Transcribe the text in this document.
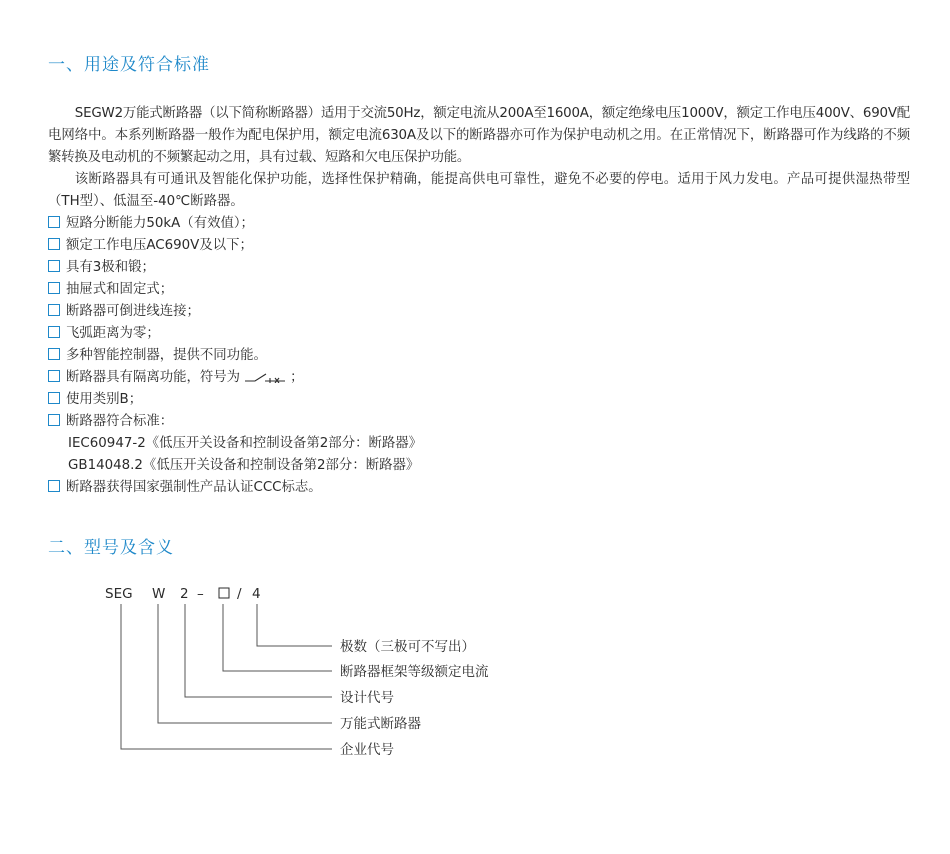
一、用途及符合标准

SEGW2万能式断路器（以下简称断路器）适用于交流50Hz，额定电流从200A至1600A，额定绝缘电压1000V，额定工作电压400V、690V配电网络中。本系列断路器一般作为配电保护用，额定电流630A及以下的断路器亦可作为保护电动机之用。在正常情况下，断路器可作为线路的不频繁转换及电动机的不频繁起动之用，具有过载、短路和欠电压保护功能。

该断路器具有可通讯及智能化保护功能，选择性保护精确，能提高供电可靠性，避免不必要的停电。适用于风力发电。产品可提供湿热带型（TH型）、低温至-40℃断路器。

短路分断能力50kA（有效值）；

额定工作电压AC690V及以下；

具有3极和锻；

抽屉式和固定式；

断路器可倒进线连接；

飞弧距离为零；

多种智能控制器，提供不同功能。

断路器具有隔离功能，符号为	；

使用类别B；

断路器符合标准：

IEC60947-2《低压开关设备和控制设备第2部分：断路器》

GB14048.2《低压开关设备和控制设备第2部分：断路器》

断路器获得国家强制性产品认证CCC标志。

二、型号及含义
SEG W 2 – / 4
极数（三极可不写出）
断路器框架等级额定电流
设计代号
万能式断路器
企业代号
